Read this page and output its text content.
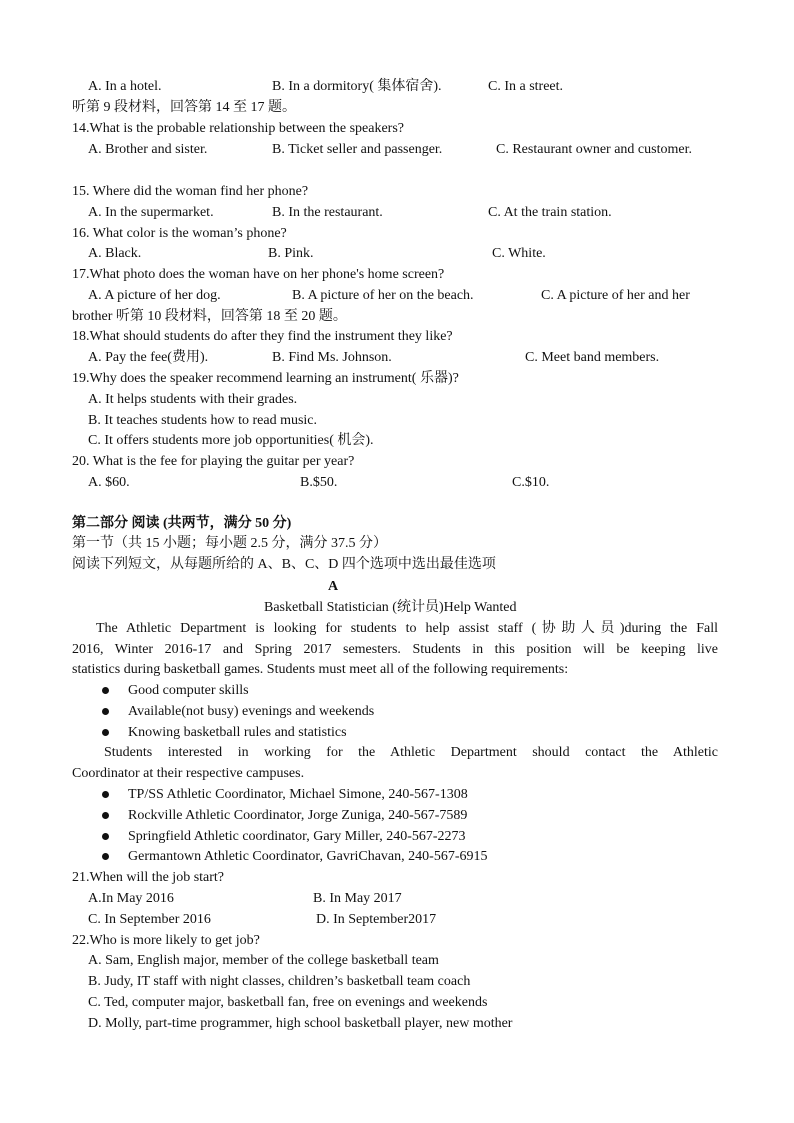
A. In a hotel.	B. In a dormitory( 集体宿舍).	C. In a street.
听第 9 段材料，回答第 14 至 17 题。
14.What is the probable relationship between the speakers?
A. Brother and sister.	B. Ticket seller and passenger.	C. Restaurant owner and customer.
15. Where did the woman find her phone?
A. In the supermarket.	B. In the restaurant.	C. At the train station.
16. What color is the woman’s phone?
A. Black.	B. Pink.	C. White.
17.What photo does the woman have on her phone's home screen?
A. A picture of her dog.	B. A picture of her on the beach.	C. A picture of her and her
brother 听第 10 段材料，回答第 18 至 20 题。
18.What should students do after they find the instrument they like?
A. Pay the fee(费用).	B. Find Ms. Johnson.	C. Meet band members.
19.Why does the speaker recommend learning an instrument( 乐器)?
A. It helps students with their grades.
B. It teaches students how to read music.
C. It offers students more job opportunities( 机会).
20. What is the fee for playing the guitar per year?
A. $60.	B.$50.	C.$10.
第二部分 阅读 (共两节，满分 50 分)
第一节（共 15 小题；每小题 2.5 分，满分 37.5 分）
阅读下列短文，从每题所给的 A、B、C、D 四个选项中选出最佳选项
A
Basketball Statistician (统计员)Help Wanted
The Athletic Department is looking for students to help assist staff (协助人员)during the Fall
2016, Winter 2016-17 and Spring 2017 semesters. Students in this position will be keeping live
statistics during basketball games. Students must meet all of the following requirements:
Good computer skills
Available(not busy) evenings and weekends
Knowing basketball rules and statistics
Students interested in working for the Athletic Department should contact the Athletic
Coordinator at their respective campuses.
TP/SS Athletic Coordinator, Michael Simone, 240-567-1308
Rockville Athletic Coordinator, Jorge Zuniga, 240-567-7589
Springfield Athletic coordinator, Gary Miller, 240-567-2273
Germantown Athletic Coordinator, GavriChavan, 240-567-6915
21.When will the job start?
A.In May 2016	B. In May 2017
C. In September 2016	D. In September2017
22.Who is more likely to get job?
A. Sam, English major, member of the college basketball team
B. Judy, IT staff with night classes, children’s basketball team coach
C. Ted, computer major, basketball fan, free on evenings and weekends
D. Molly, part-time programmer, high school basketball player, new mother
